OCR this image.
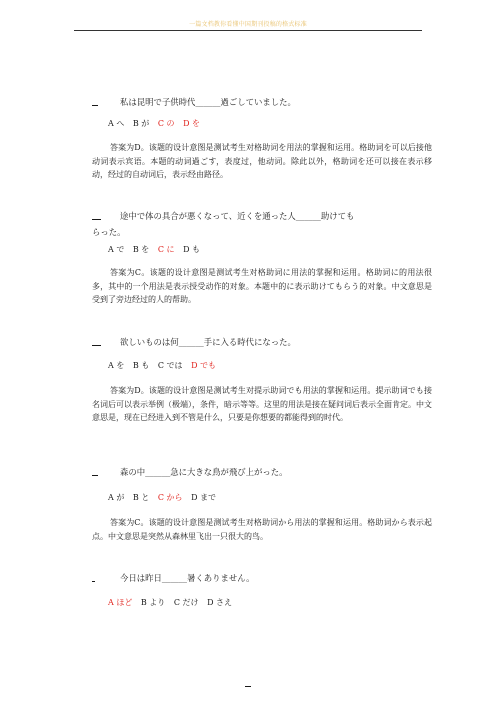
一篇文档教你看懂中国期刊投稿的格式标准
__	私は昆明で子供時代______過ごしていました。
A へ B が C の D を
答案为D。该题的设计意图是测试考生对格助词を用法的掌握和运用。格助词を可以后接他动词表示宾语。本题的动词過ごす，表度过，他动词。除此以外，格助词を还可以接在表示移动，经过的自动词后，表示经由路径。
___ 途中で体の具合が悪くなって、近くを通った人______助けても
らった。
A で B を C に D も
答案为C。该题的设计意图是测试考生对格助词に用法的掌握和运用。格助词に的用法很多，其中的一个用法是表示授受动作的对象。本题中的に表示助けてもらう的对象。中文意思是受到了旁边经过的人的帮助。
___ 欲しいものは何______手に入る時代になった。
A を B も C では D でも
答案为D。该题的设计意图是测试考生对提示助词でも用法的掌握和运用。提示助词でも接名词后可以表示举例（极端），条件，暗示等等。这里的用法是接在疑问词后表示全面肯定。中文意思是，现在已经进入到不管是什么，只要是你想要的都能得到的时代。
__	森の中______急に大きな鳥が飛び上がった。
A が B と C から D まで
答案为C。该题的设计意图是测试考生对格助词から用法的掌握和运用。格助词から表示起点。中文意思是突然从森林里飞出一只很大的鸟。
_	今日は昨日______暑くありません。
A ほど B より C だけ D さえ
__
